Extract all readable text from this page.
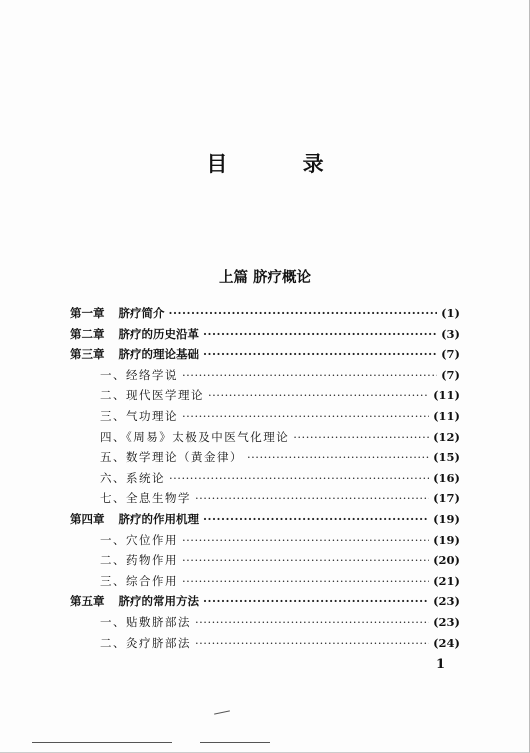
目 录
上篇 脐疗概论
第一章 脐疗简介 ·····	(1)
第二章 脐疗的历史沿革 ·····	(3)
第三章 脐疗的理论基础 ·····	(7)
一、经络学说 ·····	(7)
二、现代医学理论 ·····	(11)
三、气功理论 ·····	(11)
四、《周易》太极及中医气化理论 ·····	(12)
五、数学理论（黄金律） ·····	(15)
六、系统论 ·····	(16)
七、全息生物学 ·····	(17)
第四章 脐疗的作用机理 ·····	(19)
一、穴位作用 ·····	(19)
二、药物作用 ·····	(20)
三、综合作用 ·····	(21)
第五章 脐疗的常用方法 ·····	(23)
一、贴敷脐部法 ·····	(23)
二、灸疗脐部法 ·····	(24)
1
